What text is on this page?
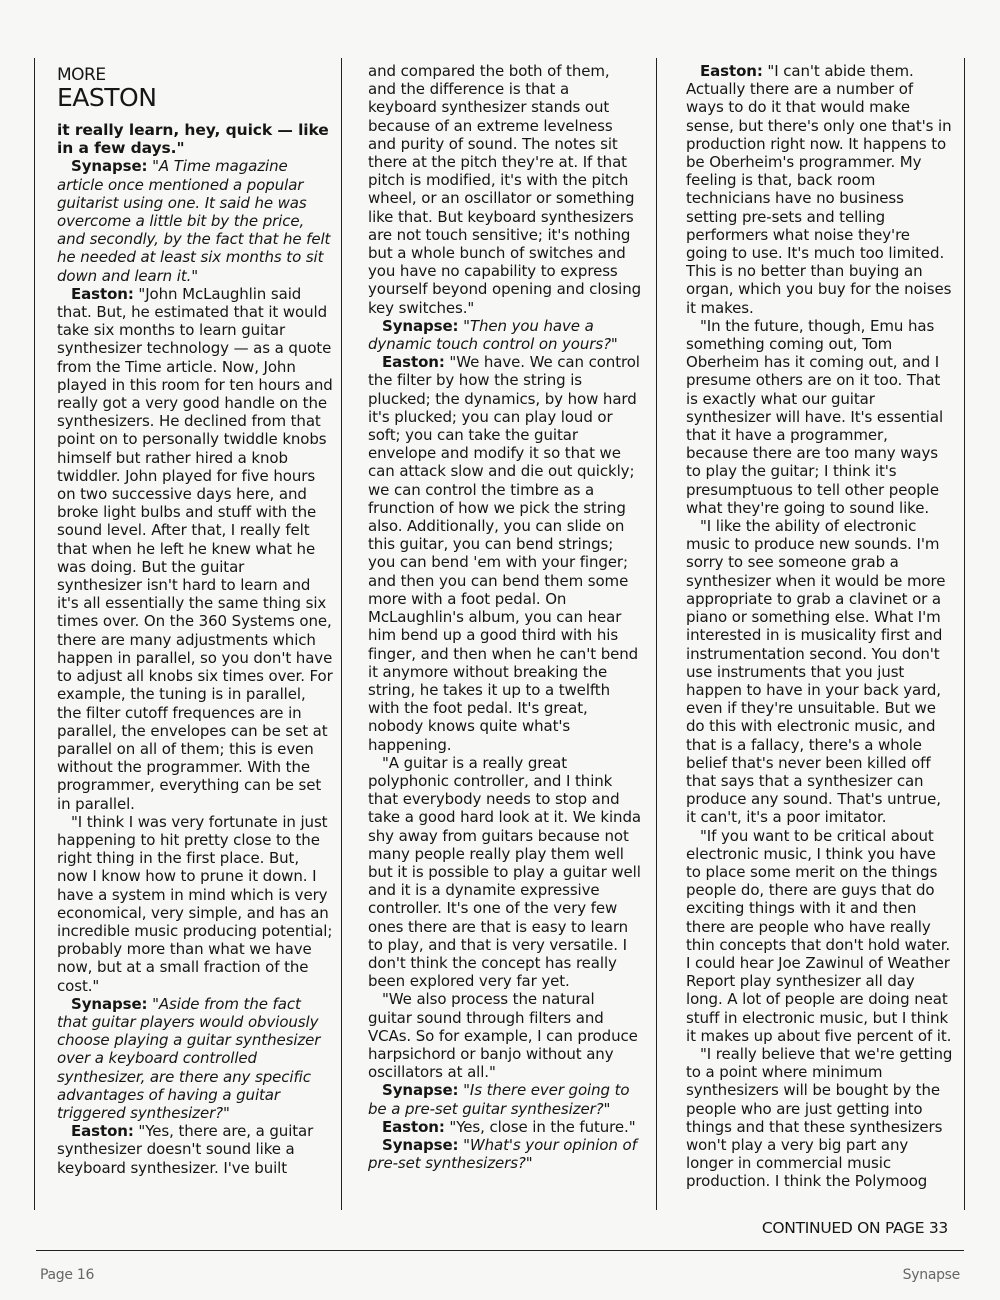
MORE
EASTON

it really learn, hey, quick — like in a few days."

Synapse: "A Time magazine article once mentioned a popular guitarist using one. It said he was overcome a little bit by the price, and secondly, by the fact that he felt he needed at least six months to sit down and learn it."

Easton: "John McLaughlin said that. But, he estimated that it would take six months to learn guitar synthesizer technology — as a quote from the Time article. Now, John played in this room for ten hours and really got a very good handle on the synthesizers. He declined from that point on to personally twiddle knobs himself but rather hired a knob twiddler. John played for five hours on two successive days here, and broke light bulbs and stuff with the sound level. After that, I really felt that when he left he knew what he was doing. But the guitar synthesizer isn't hard to learn and it's all essentially the same thing six times over. On the 360 Systems one, there are many adjustments which happen in parallel, so you don't have to adjust all knobs six times over. For example, the tuning is in parallel, the filter cutoff frequences are in parallel, the envelopes can be set at parallel on all of them; this is even without the programmer. With the programmer, everything can be set in parallel.

"I think I was very fortunate in just happening to hit pretty close to the right thing in the first place. But, now I know how to prune it down. I have a system in mind which is very economical, very simple, and has an incredible music producing potential; probably more than what we have now, but at a small fraction of the cost."

Synapse: "Aside from the fact that guitar players would obviously choose playing a guitar synthesizer over a keyboard controlled synthesizer, are there any specific advantages of having a guitar triggered synthesizer?"

Easton: "Yes, there are, a guitar synthesizer doesn't sound like a keyboard synthesizer. I've built

and compared the both of them, and the difference is that a keyboard synthesizer stands out because of an extreme levelness and purity of sound. The notes sit there at the pitch they're at. If that pitch is modified, it's with the pitch wheel, or an oscillator or something like that. But keyboard synthesizers are not touch sensitive; it's nothing but a whole bunch of switches and you have no capability to express yourself beyond opening and closing key switches."

Synapse: "Then you have a dynamic touch control on yours?"

Easton: "We have. We can control the filter by how the string is plucked; the dynamics, by how hard it's plucked; you can play loud or soft; you can take the guitar envelope and modify it so that we can attack slow and die out quickly; we can control the timbre as a frunction of how we pick the string also. Additionally, you can slide on this guitar, you can bend strings; you can bend 'em with your finger; and then you can bend them some more with a foot pedal. On McLaughlin's album, you can hear him bend up a good third with his finger, and then when he can't bend it anymore without breaking the string, he takes it up to a twelfth with the foot pedal. It's great, nobody knows quite what's happening.

"A guitar is a really great polyphonic controller, and I think that everybody needs to stop and take a good hard look at it. We kinda shy away from guitars because not many people really play them well but it is possible to play a guitar well and it is a dynamite expressive controller. It's one of the very few ones there are that is easy to learn to play, and that is very versatile. I don't think the concept has really been explored very far yet.

"We also process the natural guitar sound through filters and VCAs. So for example, I can produce harpsichord or banjo without any oscillators at all."

Synapse: "Is there ever going to be a pre-set guitar synthesizer?"

Easton: "Yes, close in the future."

Synapse: "What's your opinion of pre-set synthesizers?"

Easton: "I can't abide them. Actually there are a number of ways to do it that would make sense, but there's only one that's in production right now. It happens to be Oberheim's programmer. My feeling is that, back room technicians have no business setting pre-sets and telling performers what noise they're going to use. It's much too limited. This is no better than buying an organ, which you buy for the noises it makes.

"In the future, though, Emu has something coming out, Tom Oberheim has it coming out, and I presume others are on it too. That is exactly what our guitar synthesizer will have. It's essential that it have a programmer, because there are too many ways to play the guitar; I think it's presumptuous to tell other people what they're going to sound like.

"I like the ability of electronic music to produce new sounds. I'm sorry to see someone grab a synthesizer when it would be more appropriate to grab a clavinet or a piano or something else. What I'm interested in is musicality first and instrumentation second. You don't use instruments that you just happen to have in your back yard, even if they're unsuitable. But we do this with electronic music, and that is a fallacy, there's a whole belief that's never been killed off that says that a synthesizer can produce any sound. That's untrue, it can't, it's a poor imitator.

"If you want to be critical about electronic music, I think you have to place some merit on the things people do, there are guys that do exciting things with it and then there are people who have really thin concepts that don't hold water. I could hear Joe Zawinul of Weather Report play synthesizer all day long. A lot of people are doing neat stuff in electronic music, but I think it makes up about five percent of it.

"I really believe that we're getting to a point where minimum synthesizers will be bought by the people who are just getting into things and that these synthesizers won't play a very big part any longer in commercial music production. I think the Polymoog

CONTINUED ON PAGE 33
Page 16	Synapse
